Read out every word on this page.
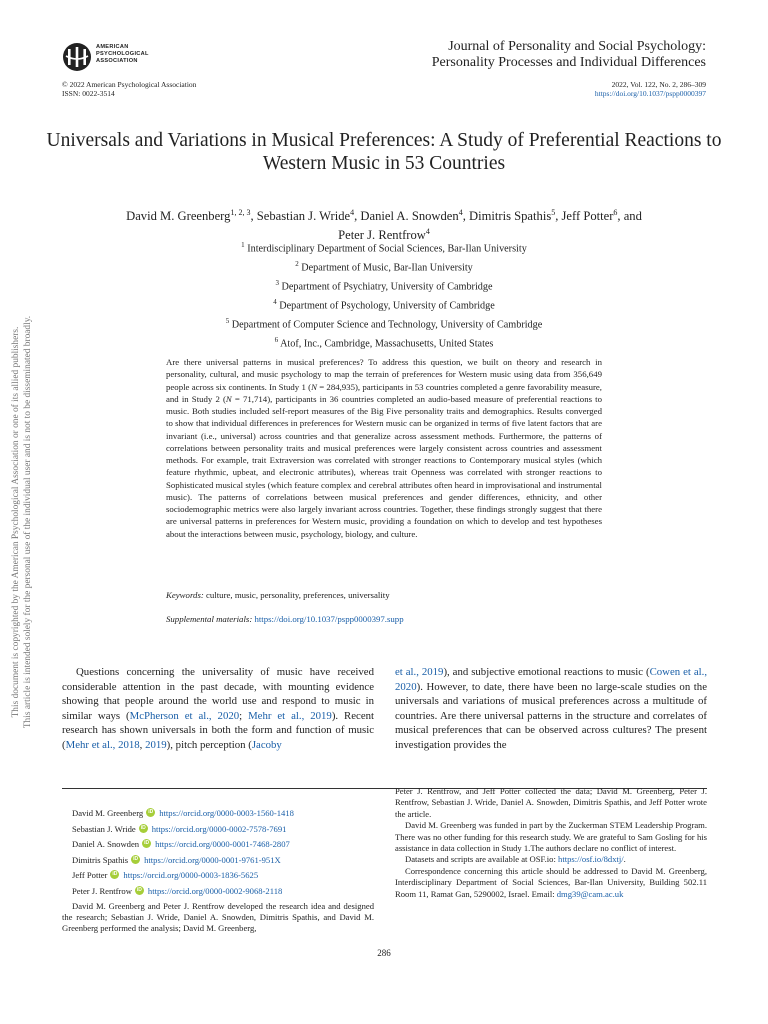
AMERICAN
PSYCHOLOGICAL
ASSOCIATION
Journal of Personality and Social Psychology:
Personality Processes and Individual Differences
© 2022 American Psychological Association
ISSN: 0022-3514
2022, Vol. 122, No. 2, 286–309
https://doi.org/10.1037/pspp0000397
Universals and Variations in Musical Preferences: A Study of Preferential Reactions to Western Music in 53 Countries
David M. Greenberg$^{1, 2, 3}$, Sebastian J. Wride$^4$, Daniel A. Snowden$^4$, Dimitris Spathis$^5$, Jeff Potter$^6$, and
Peter J. Rentfrow$^4$
$^1$ Interdisciplinary Department of Social Sciences, Bar-Ilan University
$^2$ Department of Music, Bar-Ilan University
$^3$ Department of Psychiatry, University of Cambridge
$^4$ Department of Psychology, University of Cambridge
$^5$ Department of Computer Science and Technology, University of Cambridge
$^6$ Atof, Inc., Cambridge, Massachusetts, United States

Are there universal patterns in musical preferences? To address this question, we built on theory and research in personality, cultural, and music psychology to map the terrain of preferences for Western music using data from 356,649 people across six continents. In Study 1 (N = 284,935), participants in 53 countries completed a genre favorability measure, and in Study 2 (N = 71,714), participants in 36 countries completed an audio-based measure of preferential reactions to music. Both studies included self-report measures of the Big Five personality traits and demographics. Results converged to show that individual differences in preferences for Western music can be organized in terms of five latent factors that are invariant (i.e., universal) across countries and that generalize across assessment methods. Furthermore, the patterns of correlations between personality traits and musical preferences were largely consistent across countries and assessment methods. For example, trait Extraversion was correlated with stronger reactions to Contemporary musical styles (which feature rhythmic, upbeat, and electronic attributes), whereas trait Openness was correlated with stronger reactions to Sophisticated musical styles (which feature complex and cerebral attributes often heard in improvisational and instrumental music). The patterns of correlations between musical preferences and gender differences, ethnicity, and other sociodemographic metrics were also largely invariant across countries. Together, these findings strongly suggest that there are universal patterns in preferences for Western music, providing a foundation on which to develop and test hypotheses about the interactions between music, psychology, biology, and culture.

Keywords: culture, music, personality, preferences, universality
Supplemental materials: https://doi.org/10.1037/pspp0000397.supp
This document is copyrighted by the American Psychological Association or one of its allied publishers. This article is intended solely for the personal use of the individual user and is not to be disseminated broadly.	Questions concerning the universality of music have received considerable attention in the past decade, with mounting evidence showing that people around the world use and respond to music in similar ways (McPherson et al., 2020; Mehr et al., 2019). Recent research has shown universals in both the form and function of music (Mehr et al., 2018, 2019), pitch perception (Jacoby

et al., 2019), and subjective emotional reactions to music (Cowen et al., 2020). However, to date, there have been no large-scale studies on the universals and variations of musical preferences across a multitude of countries. Are there universal patterns in the structure and correlates of musical preferences that can be observed across cultures? The present investigation provides the

David M. Greenberg iD https://orcid.org/0000-0003-1560-1418
Sebastian J. Wride iD https://orcid.org/0000-0002-7578-7691
Daniel A. Snowden iD https://orcid.org/0000-0001-7468-2807
Dimitris Spathis iD https://orcid.org/0000-0001-9761-951X
Jeff Potter iD https://orcid.org/0000-0003-1836-5625
Peter J. Rentfrow iD https://orcid.org/0000-0002-9068-2118

David M. Greenberg and Peter J. Rentfrow developed the research idea and designed the research; Sebastian J. Wride, Daniel A. Snowden, Dimitris Spathis, and David M. Greenberg performed the analysis; David M. Greenberg,

Peter J. Rentfrow, and Jeff Potter collected the data; David M. Greenberg, Peter J. Rentfrow, Sebastian J. Wride, Daniel A. Snowden, Dimitris Spathis, and Jeff Potter wrote the article.

David M. Greenberg was funded in part by the Zuckerman STEM Leadership Program. There was no other funding for this research study. We are grateful to Sam Gosling for his assistance in data collection in Study 1.The authors declare no conflict of interest.

Datasets and scripts are available at OSF.io: https://osf.io/8dxtj/.

Correspondence concerning this article should be addressed to David M. Greenberg, Interdisciplinary Department of Social Sciences, Bar-Ilan University, Building 502.11 Room 11, Ramat Gan, 5290002, Israel. Email: dmg39@cam.ac.uk

286
